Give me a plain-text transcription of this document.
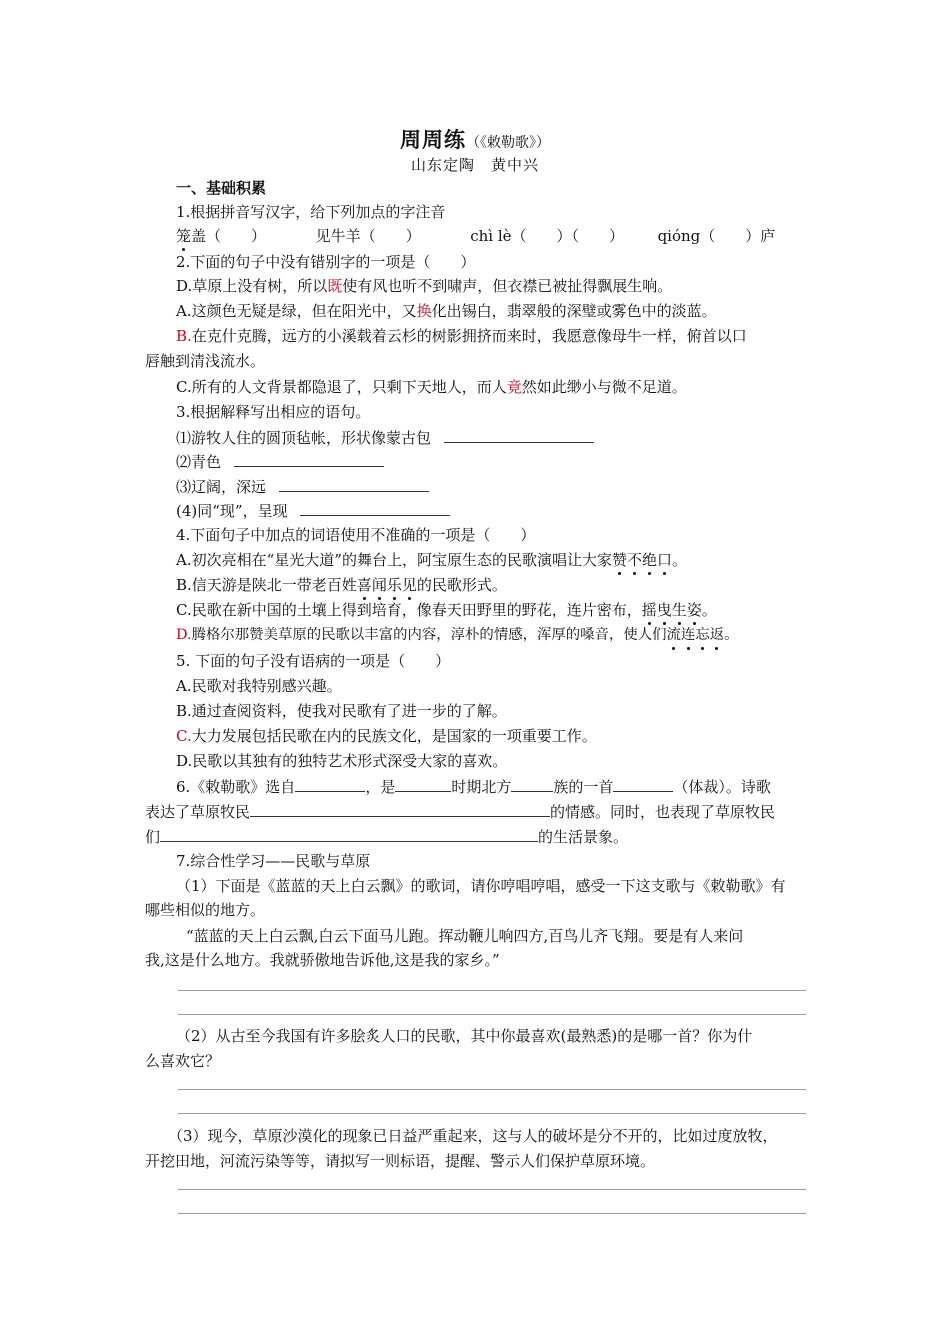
周周练（《敕勒歌》）
山东定陶　黄中兴
一、基础积累
1.根据拼音写汉字，给下列加点的字注音
笼盖（　　）	见牛羊（　　）	chì lè（　　）（　　） qióng（　　）庐
2.下面的句子中没有错别字的一项是（　　）
D.草原上没有树，所以既使有风也听不到啸声，但衣襟已被扯得飘展生响。
A.这颜色无疑是绿，但在阳光中，又换化出锡白，翡翠般的深璧或雾色中的淡蓝。
B.在克什克腾，远方的小溪载着云杉的树影拥挤而来时，我愿意像母牛一样，俯首以口
唇触到清浅流水。
C.所有的人文背景都隐退了，只剩下天地人，而人竟然如此缈小与微不足道。
3.根据解释写出相应的语句。
⑴游牧人住的圆顶毡帐，形状像蒙古包
⑵青色
⑶辽阔，深远
(4)同“现”，呈现
4.下面句子中加点的词语使用不准确的一项是（　　）
A.初次亮相在“星光大道”的舞台上，阿宝原生态的民歌演唱让大家赞不绝口。
B.信天游是陕北一带老百姓喜闻乐见的民歌形式。
C.民歌在新中国的土壤上得到培育，像春天田野里的野花，连片密布，摇曳生姿。
D.腾格尔那赞美草原的民歌以丰富的内容，淳朴的情感，浑厚的嗓音，使人们流连忘返。
5. 下面的句子没有语病的一项是（　　）
A.民歌对我特别感兴趣。
B.通过查阅资料，使我对民歌有了进一步的了解。
C.大力发展包括民歌在内的民族文化，是国家的一项重要工作。
D.民歌以其独有的独特艺术形式深受大家的喜欢。
6.《敕勒歌》选自	，是	时期北方	族的一首	（体裁）。诗歌
表达了草原牧民	的情感。同时，也表现了草原牧民
们	的生活景象。
7.综合性学习——民歌与草原
（1）下面是《蓝蓝的天上白云飘》的歌词，请你哼唱哼唱，感受一下这支歌与《敕勒歌》有
哪些相似的地方。
“蓝蓝的天上白云飘,白云下面马儿跑。挥动鞭儿响四方,百鸟儿齐飞翔。要是有人来问
我,这是什么地方。我就骄傲地告诉他,这是我的家乡。”
（2）从古至今我国有许多脍炙人口的民歌，其中你最喜欢(最熟悉)的是哪一首？你为什
么喜欢它？
（3）现今，草原沙漠化的现象已日益严重起来，这与人的破坏是分不开的，比如过度放牧，
开挖田地，河流污染等等，请拟写一则标语，提醒、警示人们保护草原环境。
